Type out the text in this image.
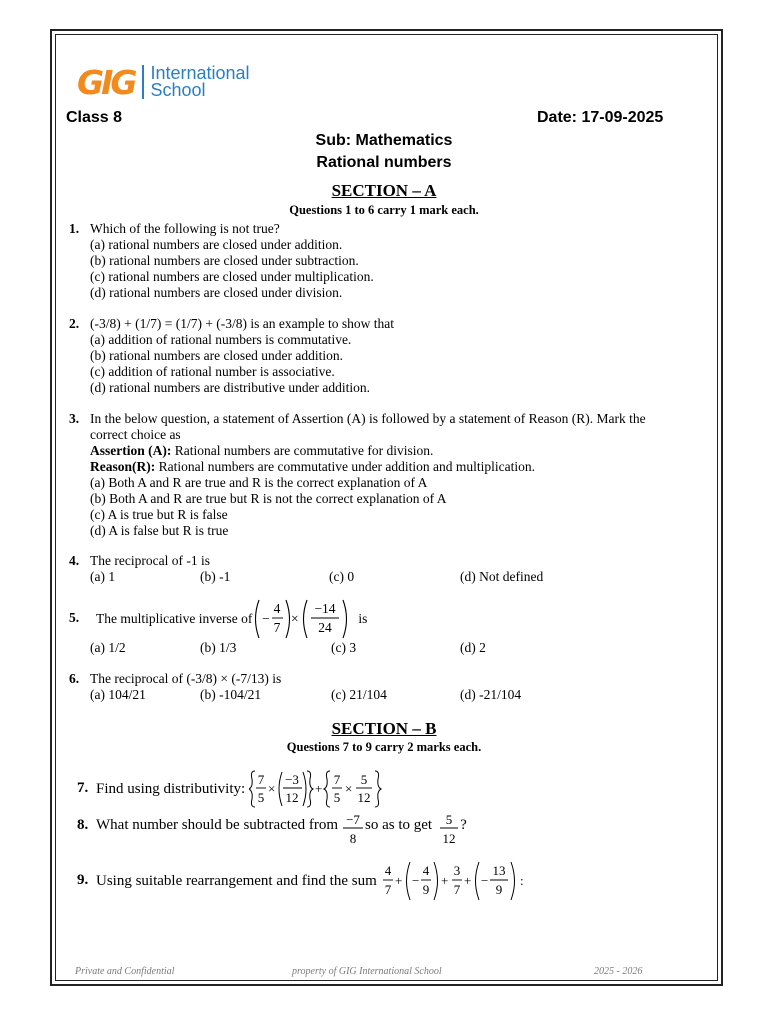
GIG International
School
Class 8	Date: 17-09-2025
Sub: Mathematics
Rational numbers
SECTION – A
Questions 1 to 6 carry 1 mark each.
1. Which of the following is not true?
(a) rational numbers are closed under addition.
(b) rational numbers are closed under subtraction.
(c) rational numbers are closed under multiplication.
(d) rational numbers are closed under division.
2. (-3/8) + (1/7) = (1/7) + (-3/8) is an example to show that
(a) addition of rational numbers is commutative.
(b) rational numbers are closed under addition.
(c) addition of rational number is associative.
(d) rational numbers are distributive under addition.
3. In the below question, a statement of Assertion (A) is followed by a statement of Reason (R). Mark the
correct choice as
Assertion (A): Rational numbers are commutative for division.
Reason(R): Rational numbers are commutative under addition and multiplication.
(a) Both A and R are true and R is the correct explanation of A
(b) Both A and R are true but R is not the correct explanation of A
(c) A is true but R is false
(d) A is false but R is true
4. The reciprocal of -1 is
(a) 1	(b) -1	(c) 0	(d) Not defined
5. The multiplicative inverse of −
4
7
×
−14
24
is
(a) 1/2	(b) 1/3	(c) 3	(d) 2
6. The reciprocal of (-3/8) × (-7/13) is
(a) 104/21	(b) -104/21	(c) 21/104	(d) -21/104
SECTION – B
Questions 7 to 9 carry 2 marks each.
7. Find using distributivity:
7
5
×
−3
12
+
7
5
×
5
12
8. What number should be subtracted from −7
8
so as to get 5
12
?
9. Using suitable rearrangement and find the sum
4
7
+ −
4
9
+
3
7
+ −
13
9
:
Private and Confidential	property of GIG International School	2025 - 2026
